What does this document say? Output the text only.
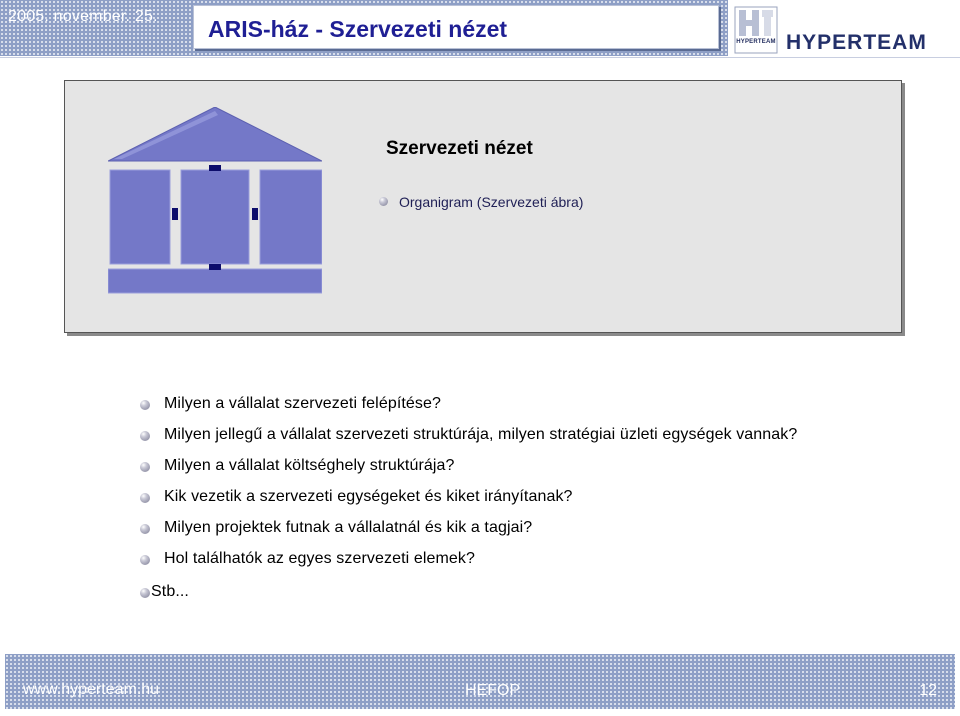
2005. november. 25. ARIS-ház - Szervezeti nézet	HYPERTEAM HYPERTEAM
Szervezeti nézet
Organigram (Szervezeti ábra)
Milyen a vállalat szervezeti felépítése?
Milyen jellegű a vállalat szervezeti struktúrája, milyen stratégiai üzleti egységek vannak?
Milyen a vállalat költséghely struktúrája?
Kik vezetik a szervezeti egységeket és kiket irányítanak?
Milyen projektek futnak a vállalatnál és kik a tagjai?
Hol találhatók az egyes szervezeti elemek?
Stb...
www.hyperteam.hu	HEFOP	12
